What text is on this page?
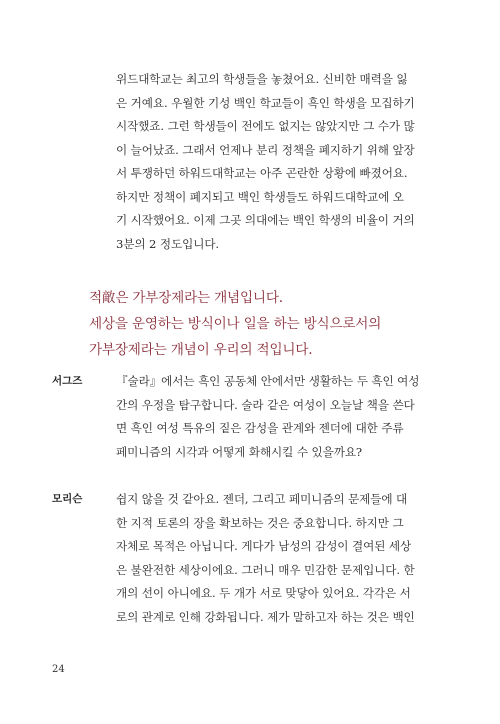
위드대학교는 최고의 학생들을 놓쳤어요. 신비한 매력을 잃
은 거예요. 우월한 기성 백인 학교들이 흑인 학생을 모집하기
시작했죠. 그런 학생들이 전에도 없지는 않았지만 그 수가 많
이 늘어났죠. 그래서 언제나 분리 정책을 폐지하기 위해 앞장
서 투쟁하던 하워드대학교는 아주 곤란한 상황에 빠졌어요.
하지만 정책이 폐지되고 백인 학생들도 하워드대학교에 오
기 시작했어요. 이제 그곳 의대에는 백인 학생의 비율이 거의
3분의 2 정도입니다.
적敵은 가부장제라는 개념입니다.
세상을 운영하는 방식이나 일을 하는 방식으로서의
가부장제라는 개념이 우리의 적입니다.
서그즈	『술라』에서는 흑인 공동체 안에서만 생활하는 두 흑인 여성
간의 우정을 탐구합니다. 술라 같은 여성이 오늘날 책을 쓴다
면 흑인 여성 특유의 짙은 감성을 관계와 젠더에 대한 주류
페미니즘의 시각과 어떻게 화해시킬 수 있을까요?
모리슨	쉽지 않을 것 같아요. 젠더, 그리고 페미니즘의 문제들에 대
한 지적 토론의 장을 확보하는 것은 중요합니다. 하지만 그
자체로 목적은 아닙니다. 게다가 남성의 감성이 결여된 세상
은 불완전한 세상이에요. 그러니 매우 민감한 문제입니다. 한
개의 선이 아니에요. 두 개가 서로 맞닿아 있어요. 각각은 서
로의 관계로 인해 강화됩니다. 제가 말하고자 하는 것은 백인
24
